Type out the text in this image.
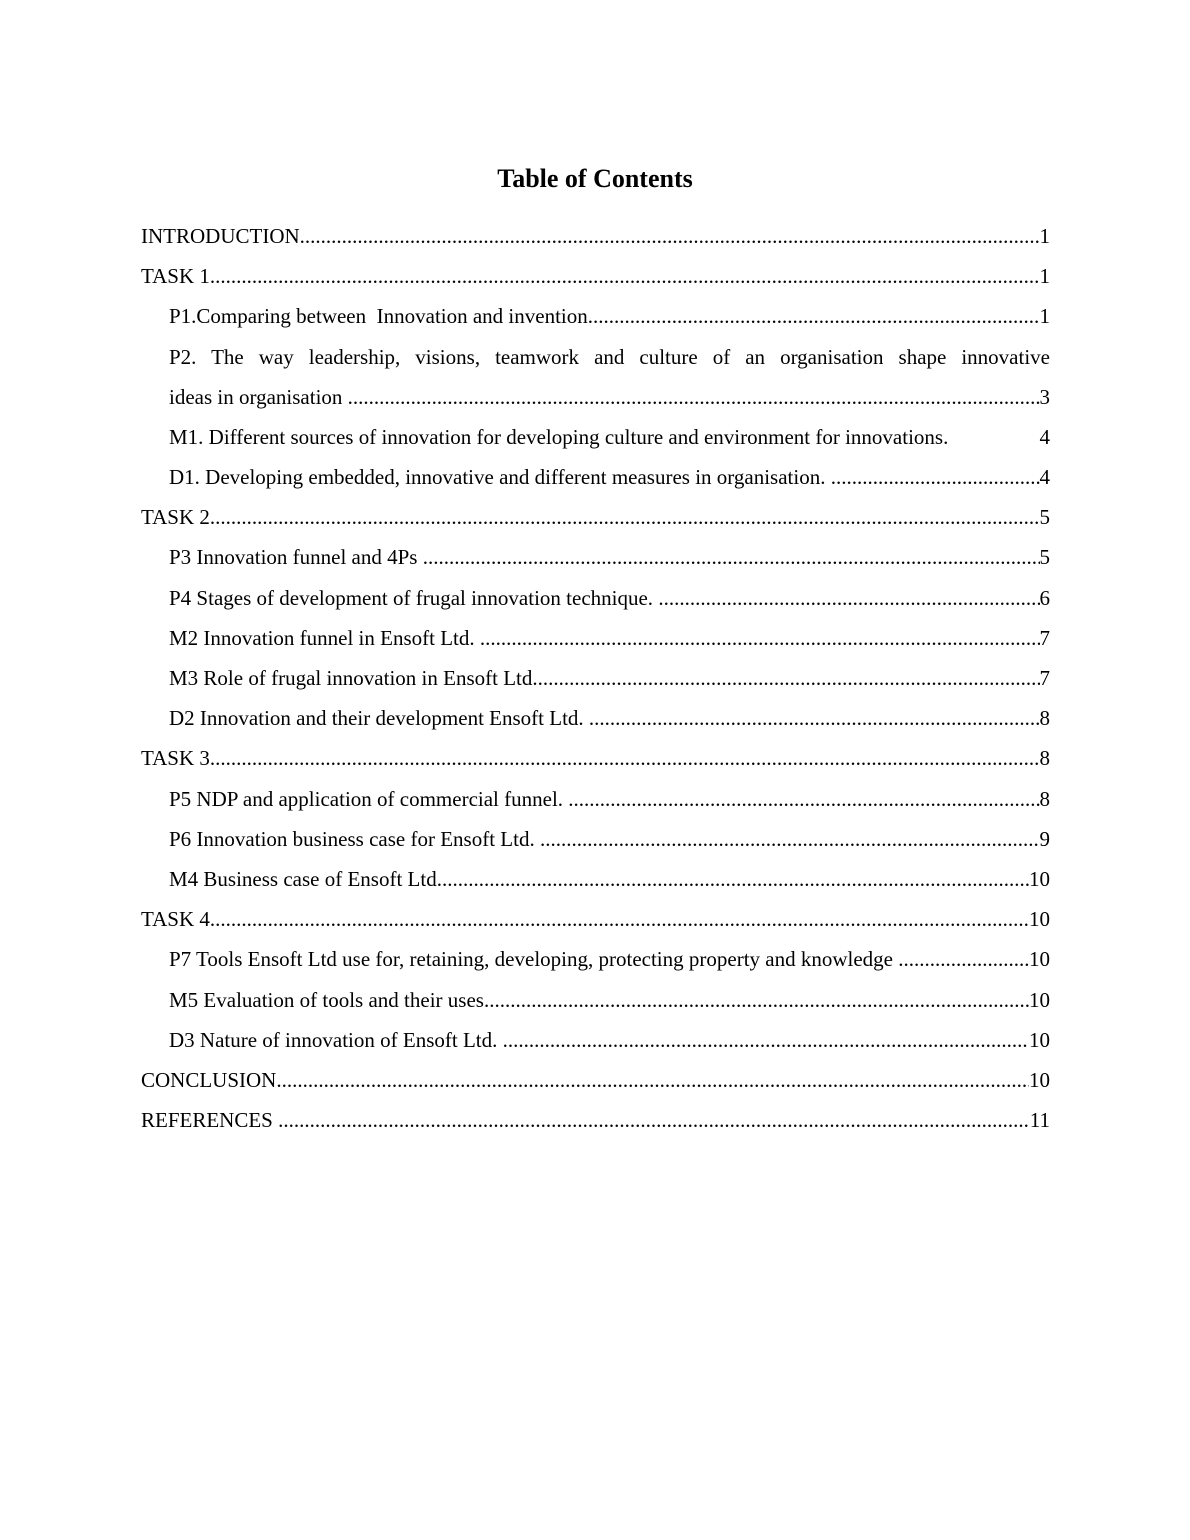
Table of Contents
INTRODUCTION .....	1
TASK 1 .....	1
P1.Comparing between  Innovation and invention .....	1
P2. The way leadership, visions, teamwork and culture of an organisation shape innovative
ideas in organisation .....	3
M1. Different sources of innovation for developing culture and environment for innovations.	4
D1. Developing embedded, innovative and different measures in organisation. .....	4
TASK 2 .....	5
P3 Innovation funnel and 4Ps .....	5
P4 Stages of development of frugal innovation technique. .....	6
M2 Innovation funnel in Ensoft Ltd. .....	7
M3 Role of frugal innovation in Ensoft Ltd .....	7
D2 Innovation and their development Ensoft Ltd. .....	8
TASK 3 .....	8
P5 NDP and application of commercial funnel. .....	8
P6 Innovation business case for Ensoft Ltd. .....	9
M4 Business case of Ensoft Ltd .....	10
TASK 4 .....	10
P7 Tools Ensoft Ltd use for, retaining, developing, protecting property and knowledge .....	10
M5 Evaluation of tools and their uses .....	10
D3 Nature of innovation of Ensoft Ltd. .....	10
CONCLUSION .....	10
REFERENCES .....	11
